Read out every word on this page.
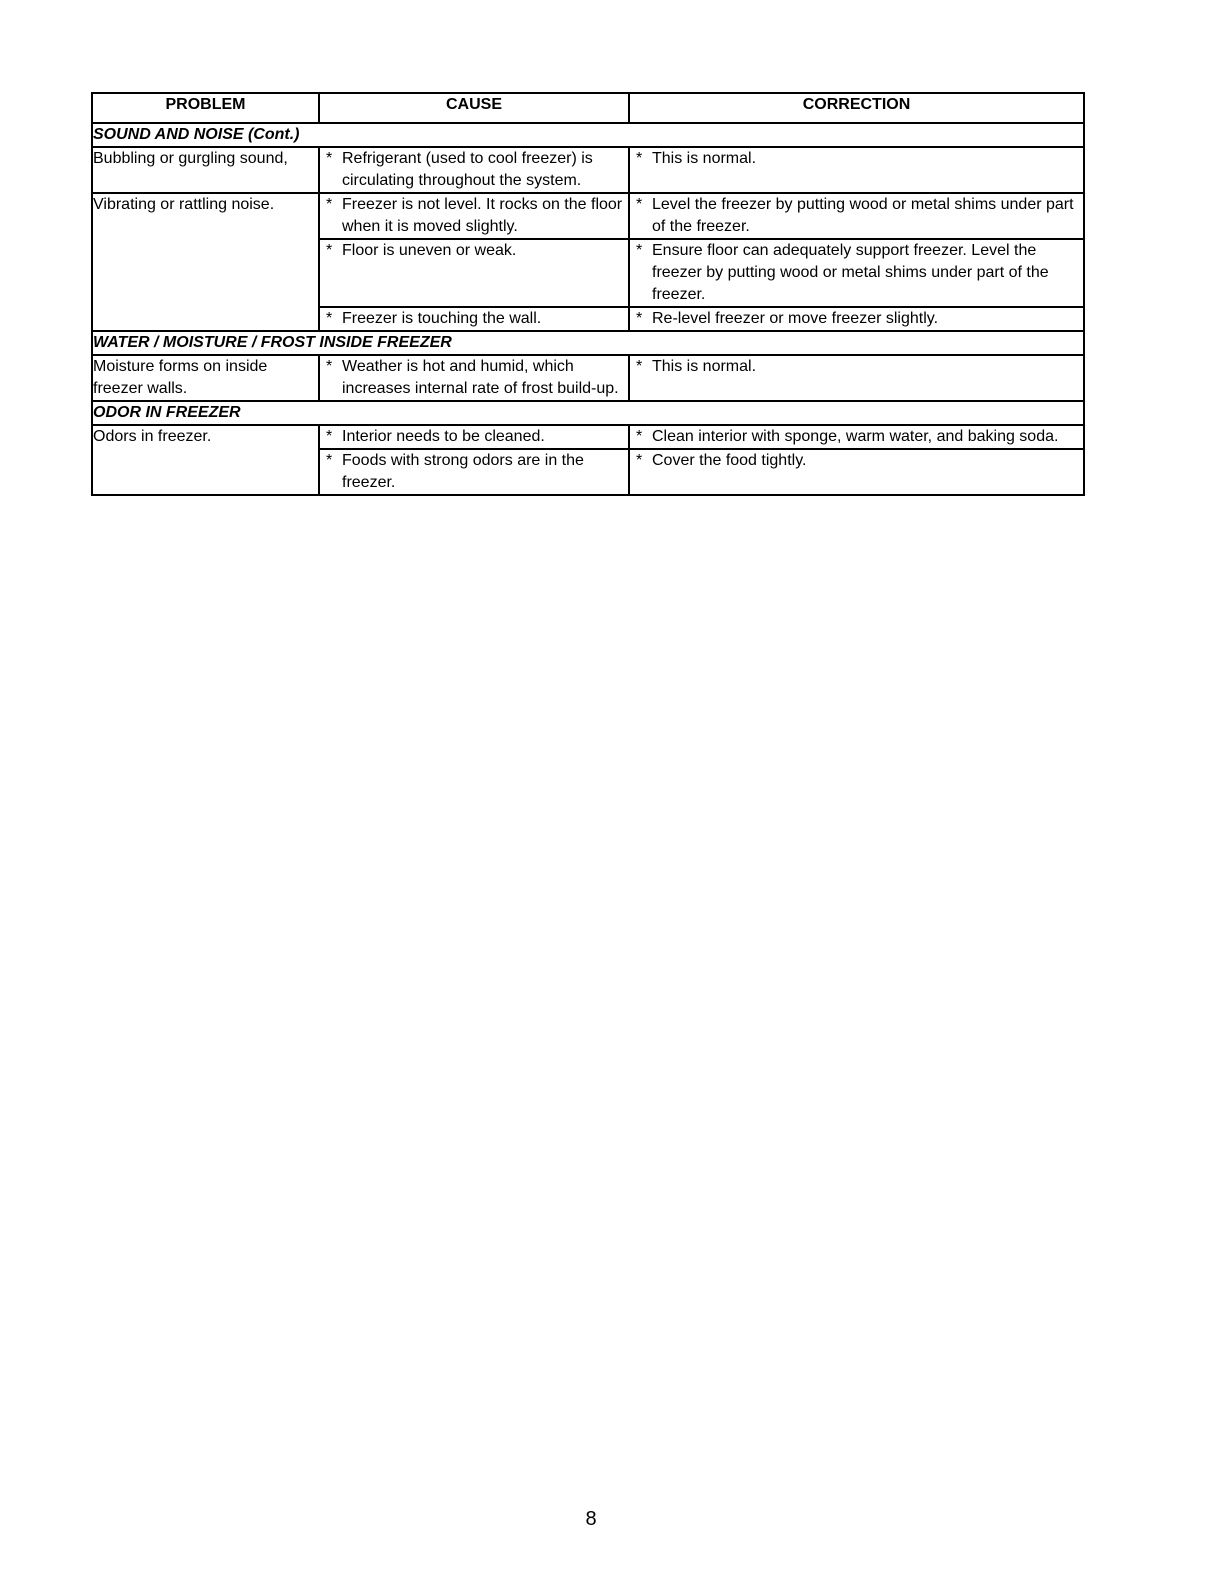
PROBLEM	CAUSE	CORRECTION
SOUND AND NOISE (Cont.)		
Bubbling or gurgling sound,	* Refrigerant (used to cool freezer) is circulating throughout the system.	* This is normal.

Vibrating or rattling noise.	* Freezer is not level. It rocks on the floor when it is moved slightly.	* Level the freezer by putting wood or metal shims under part of the freezer.

	* Floor is uneven or weak.	* Ensure floor can adequately support freezer. Level the freezer by putting wood or metal shims under part of the freezer.

	* Freezer is touching the wall.	* Re-level freezer or move freezer slightly.

WATER / MOISTURE / FROST INSIDE FREEZER		
Moisture forms on inside freezer walls.	* Weather is hot and humid, which increases internal rate of frost build-up.	* This is normal.

ODOR IN FREEZER		
Odors in freezer.	* Interior needs to be cleaned.	* Clean interior with sponge, warm water, and baking soda.

	* Foods with strong odors are in the freezer.	* Cover the food tightly.
8
